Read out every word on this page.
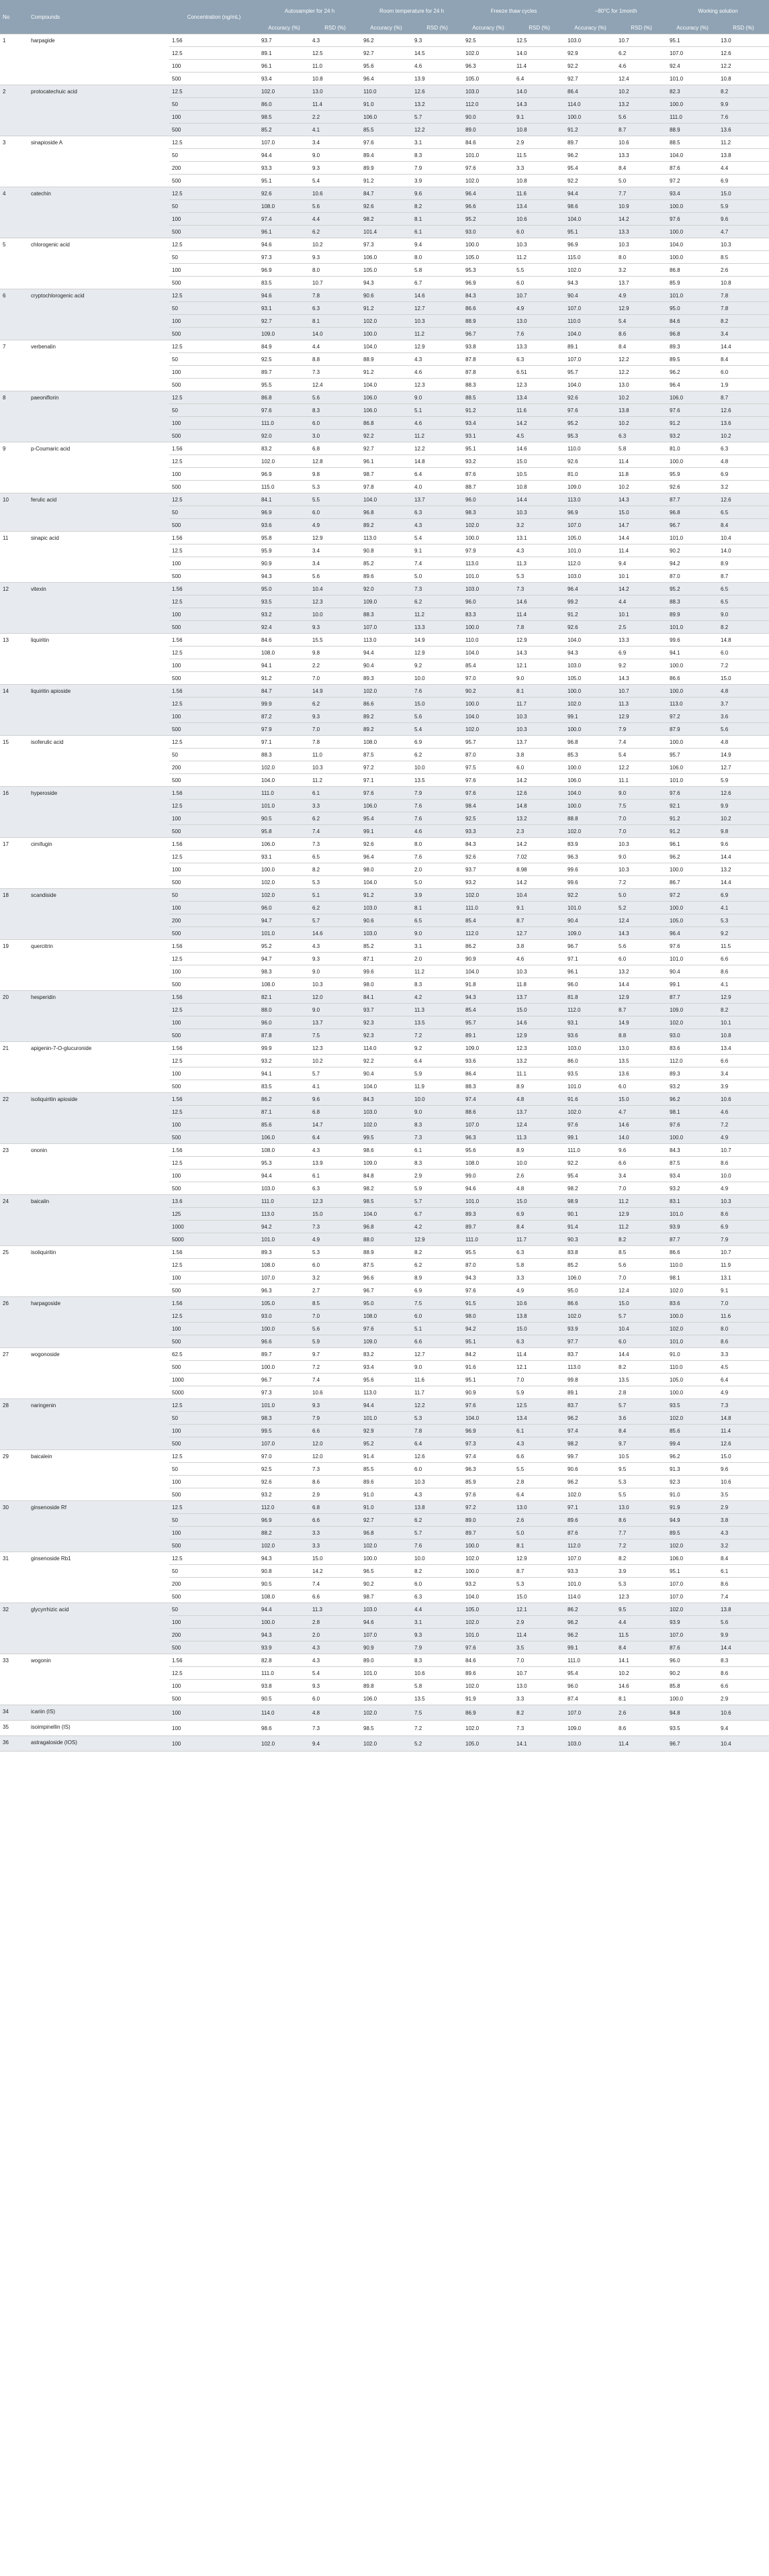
No	Compounds	Concentration (ng/mL)	Autosampler for 24 h		Room temperature for 24 h		Freeze thaw cycles		−80°C for 1month		Working solution	
			Accuracy (%)	RSD (%)	Accuracy (%)	RSD (%)	Accuracy (%)	RSD (%)	Accuracy (%)	RSD (%)	Accuracy (%)	RSD (%)
1	harpagide	1.56	93.7	4.3	96.2	9.3	92.5	12.5	103.0	10.7	95.1	13.0
		12.5	89.1	12.5	92.7	14.5	102.0	14.0	92.9	6.2	107.0	12.6
		100	96.1	11.0	95.6	4.6	96.3	11.4	92.2	4.6	92.4	12.2
		500	93.4	10.8	96.4	13.9	105.0	6.4	92.7	12.4	101.0	10.8
2	protocatechuic acid	12.5	102.0	13.0	110.0	12.6	103.0	14.0	86.4	10.2	82.3	8.2
		50	86.0	11.4	91.0	13.2	112.0	14.3	114.0	13.2	100.0	9.9
		100	98.5	2.2	106.0	5.7	90.0	9.1	100.0	5.6	111.0	7.6
		500	85.2	4.1	85.5	12.2	89.0	10.8	91.2	8.7	88.9	13.6
3	sinapioside A	12.5	107.0	3.4	97.6	3.1	84.6	2.9	89.7	10.6	88.5	11.2
		50	94.4	9.0	89.4	8.3	101.0	11.5	96.2	13.3	104.0	13.8
		200	93.3	9.3	89.9	7.9	97.6	3.3	95.4	8.4	87.6	4.4
		500	95.1	5.4	91.2	3.9	102.0	10.8	92.2	5.0	97.2	6.9
4	catechin	12.5	92.6	10.6	84.7	9.6	96.4	11.6	94.4	7.7	93.4	15.0
		50	108.0	5.6	92.6	8.2	96.6	13.4	98.6	10.9	100.0	5.9
		100	97.4	4.4	98.2	8.1	95.2	10.6	104.0	14.2	97.6	9.6
		500	96.1	6.2	101.4	6.1	93.0	6.0	95.1	13.3	100.0	4.7
5	chlorogenic acid	12.5	94.6	10.2	97.3	9.4	100.0	10.3	96.9	10.3	104.0	10.3
		50	97.3	9.3	106.0	8.0	105.0	11.2	115.0	8.0	100.0	8.5
		100	96.9	8.0	105.0	5.8	95.3	5.5	102.0	3.2	86.8	2.6
		500	83.5	10.7	94.3	6.7	96.9	6.0	94.3	13.7	85.9	10.8
6	cryptochlorogenic acid	12.5	94.6	7.8	90.6	14.6	84.3	10.7	90.4	4.9	101.0	7.8
		50	93.1	6.3	91.2	12.7	86.6	4.9	107.0	12.9	95.0	7.8
		100	92.7	8.1	102.0	10.3	88.9	13.0	110.0	5.4	84.6	8.2
		500	109.0	14.0	100.0	11.2	96.7	7.6	104.0	8.6	96.8	3.4
7	verbenalin	12.5	84.9	4.4	104.0	12.9	93.8	13.3	89.1	8.4	89.3	14.4
		50	92.5	8.8	88.9	4.3	87.8	6.3	107.0	12.2	89.5	8.4
		100	89.7	7.3	91.2	4.6	87.8	6.51	95.7	12.2	96.2	6.0
		500	95.5	12.4	104.0	12.3	88.3	12.3	104.0	13.0	96.4	1.9
8	paeoniflorin	12.5	86.8	5.6	106.0	9.0	88.5	13.4	92.6	10.2	106.0	8.7
		50	97.6	8.3	106.0	5.1	91.2	11.6	97.6	13.8	97.6	12.6
		100	111.0	6.0	86.8	4.6	93.4	14.2	95.2	10.2	91.2	13.6
		500	92.0	3.0	92.2	11.2	93.1	4.5	95.3	6.3	93.2	10.2
9	p-Coumaric acid	1.56	83.2	6.8	92.7	12.2	95.1	14.6	110.0	5.8	81.0	6.3
		12.5	102.0	12.8	96.1	14.8	93.2	15.0	92.6	11.4	100.0	4.8
		100	96.9	9.8	98.7	6.4	87.6	10.5	81.0	11.8	95.9	6.9
		500	115.0	5.3	97.8	4.0	88.7	10.8	109.0	10.2	92.6	3.2
10	ferulic acid	12.5	84.1	5.5	104.0	13.7	96.0	14.4	113.0	14.3	87.7	12.6
		50	96.9	6.0	96.8	6.3	98.3	10.3	96.9	15.0	96.8	6.5
		500	93.6	4.9	89.2	4.3	102.0	3.2	107.0	14.7	96.7	8.4
11	sinapic acid	1.56	95.8	12.9	113.0	5.4	100.0	13.1	105.0	14.4	101.0	10.4
		12.5	95.9	3.4	90.8	9.1	97.9	4.3	101.0	11.4	90.2	14.0
		100	90.9	3.4	85.2	7.4	113.0	11.3	112.0	9.4	94.2	8.9
		500	94.3	5.6	89.6	5.0	101.0	5.3	103.0	10.1	87.0	8.7
12	vitexin	1.56	95.0	10.4	92.0	7.3	103.0	7.3	96.4	14.2	95.2	6.5
		12.5	93.5	12.3	109.0	6.2	96.0	14.6	99.2	4.4	88.3	6.5
		100	93.2	10.0	88.3	11.2	83.3	11.4	91.2	10.1	89.9	9.0
		500	92.4	9.3	107.0	13.3	100.0	7.8	92.6	2.5	101.0	8.2
13	liquiritin	1.56	84.6	15.5	113.0	14.9	110.0	12.9	104.0	13.3	99.6	14.8
		12.5	108.0	9.8	94.4	12.9	104.0	14.3	94.3	6.9	94.1	6.0
		100	94.1	2.2	90.4	9.2	85.4	12.1	103.0	9.2	100.0	7.2
		500	91.2	7.0	89.3	10.0	97.0	9.0	105.0	14.3	86.6	15.0
14	liquiritin apioside	1.56	84.7	14.9	102.0	7.6	90.2	8.1	100.0	10.7	100.0	4.8
		12.5	99.9	6.2	86.6	15.0	100.0	11.7	102.0	11.3	113.0	3.7
		100	87.2	9.3	89.2	5.6	104.0	10.3	99.1	12.9	97.2	3.6
		500	97.9	7.0	89.2	5.4	102.0	10.3	100.0	7.9	87.9	5.6
15	isoferulic acid	12.5	97.1	7.8	108.0	6.9	95.7	13.7	96.8	7.4	100.0	4.8
		50	88.3	11.0	87.5	6.2	87.0	3.8	85.3	5.4	95.7	14.9
		200	102.0	10.3	97.2	10.0	97.5	6.0	100.0	12.2	106.0	12.7
		500	104.0	11.2	97.1	13.5	97.6	14.2	106.0	11.1	101.0	5.9
16	hyperoside	1.56	111.0	6.1	97.6	7.9	97.6	12.6	104.0	9.0	97.6	12.6
		12.5	101.0	3.3	106.0	7.6	98.4	14.8	100.0	7.5	92.1	9.9
		100	90.5	6.2	95.4	7.6	92.5	13.2	88.8	7.0	91.2	10.2
		500	95.8	7.4	99.1	4.6	93.3	2.3	102.0	7.0	91.2	9.8
17	cimifugin	1.56	106.0	7.3	92.6	8.0	84.3	14.2	83.9	10.3	96.1	9.6
		12.5	93.1	6.5	96.4	7.6	92.6	7.02	96.3	9.0	96.2	14.4
		100	100.0	8.2	98.0	2.0	93.7	8.98	99.6	10.3	100.0	13.2
		500	102.0	5.3	104.0	5.0	93.2	14.2	99.6	7.2	86.7	14.4
18	scandiside	50	102.0	5.1	91.2	3.9	102.0	10.4	92.2	5.0	97.2	6.9
		100	96.0	6.2	103.0	8.1	111.0	9.1	101.0	5.2	100.0	4.1
		200	94.7	5.7	90.6	6.5	85.4	8.7	90.4	12.4	105.0	5.3
		500	101.0	14.6	103.0	9.0	112.0	12.7	109.0	14.3	96.4	9.2
19	quercitrin	1.56	95.2	4.3	85.2	3.1	86.2	3.8	96.7	5.6	97.6	11.5
		12.5	94.7	9.3	87.1	2.0	90.9	4.6	97.1	6.0	101.0	6.6
		100	98.3	9.0	99.6	11.2	104.0	10.3	96.1	13.2	90.4	8.6
		500	108.0	10.3	98.0	8.3	91.8	11.8	96.0	14.4	99.1	4.1
20	hesperidin	1.56	82.1	12.0	84.1	4.2	94.3	13.7	81.8	12.9	87.7	12.9
		12.5	88.0	9.0	93.7	11.3	85.4	15.0	112.0	8.7	109.0	8.2
		100	96.0	13.7	92.3	13.5	95.7	14.6	93.1	14.9	102.0	10.1
		500	87.8	7.5	92.3	7.2	89.1	12.9	93.6	8.8	93.0	10.8
21	apigenin-7-O-glucuronide	1.56	99.9	12.3	114.0	9.2	109.0	12.3	103.0	13.0	83.6	13.4
		12.5	93.2	10.2	92.2	6.4	93.6	13.2	86.0	13.5	112.0	6.6
		100	94.1	5.7	90.4	5.9	86.4	11.1	93.5	13.6	89.3	3.4
		500	83.5	4.1	104.0	11.9	88.3	8.9	101.0	6.0	93.2	3.9
22	isoliquiritin apioside	1.56	86.2	9.6	84.3	10.0	97.4	4.8	91.6	15.0	96.2	10.6
		12.5	87.1	6.8	103.0	9.0	88.6	13.7	102.0	4.7	98.1	4.6
		100	85.6	14.7	102.0	8.3	107.0	12.4	97.6	14.6	97.6	7.2
		500	106.0	6.4	99.5	7.3	96.3	11.3	99.1	14.0	100.0	4.9
23	ononin	1.56	108.0	4.3	98.6	6.1	95.6	8.9	111.0	9.6	84.3	10.7
		12.5	95.3	13.9	109.0	8.3	108.0	10.0	92.2	6.6	87.5	8.6
		100	94.4	6.1	84.8	2.9	99.0	2.6	95.4	3.4	93.4	10.0
		500	103.0	6.3	98.2	5.9	94.6	4.8	98.2	7.0	93.2	4.9
24	baicalin	13.6	111.0	12.3	98.5	5.7	101.0	15.0	98.9	11.2	83.1	10.3
		125	113.0	15.0	104.0	6.7	89.3	6.9	90.1	12.9	101.0	8.6
		1000	94.2	7.3	96.8	4.2	89.7	8.4	91.4	11.2	93.9	6.9
		5000	101.0	4.9	88.0	12.9	111.0	11.7	90.3	8.2	87.7	7.9
25	isoliquiritin	1.56	89.3	5.3	88.9	8.2	95.5	6.3	83.8	8.5	86.6	10.7
		12.5	108.0	6.0	87.5	6.2	87.0	5.8	85.2	5.6	110.0	11.9
		100	107.0	3.2	96.6	8.9	94.3	3.3	106.0	7.0	98.1	13.1
		500	96.3	2.7	96.7	6.9	97.6	4.9	95.0	12.4	102.0	9.1
26	harpagoside	1.56	105.0	8.5	95.0	7.5	91.5	10.6	86.6	15.0	83.6	7.0
		12.5	93.0	7.0	108.0	6.0	98.0	13.8	102.0	5.7	100.0	11.6
		100	100.0	5.6	97.6	5.1	94.2	15.0	93.9	10.4	102.0	8.0
		500	96.6	5.9	109.0	6.6	95.1	6.3	97.7	6.0	101.0	8.6
27	wogonoside	62.5	89.7	9.7	83.2	12.7	84.2	11.4	83.7	14.4	91.0	3.3
		500	100.0	7.2	93.4	9.0	91.6	12.1	113.0	8.2	110.0	4.5
		1000	96.7	7.4	95.6	11.6	95.1	7.0	99.8	13.5	105.0	6.4
		5000	97.3	10.6	113.0	11.7	90.9	5.9	89.1	2.8	100.0	4.9
28	naringenin	12.5	101.0	9.3	94.4	12.2	97.6	12.5	83.7	5.7	93.5	7.3
		50	98.3	7.9	101.0	5.3	104.0	13.4	96.2	3.6	102.0	14.8
		100	99.5	6.6	92.9	7.8	96.9	6.1	97.4	8.4	85.6	11.4
		500	107.0	12.0	95.2	6.4	97.3	4.3	98.2	9.7	99.4	12.6
29	baicalein	12.5	97.0	12.0	91.4	12.6	97.4	6.6	99.7	10.5	96.2	15.0
		50	92.5	7.3	85.5	6.0	96.3	5.5	90.6	9.5	91.3	9.6
		100	92.6	8.6	89.6	10.3	85.9	2.8	96.2	5.3	92.3	10.6
		500	93.2	2.9	91.0	4.3	97.6	6.4	102.0	5.5	91.0	3.5
30	ginsenoside Rf	12.5	112.0	6.8	91.0	13.8	97.2	13.0	97.1	13.0	91.9	2.9
		50	96.9	6.6	92.7	6.2	89.0	2.6	89.6	8.6	94.9	3.8
		100	88.2	3.3	96.8	5.7	89.7	5.0	87.6	7.7	89.5	4.3
		500	102.0	3.3	102.0	7.6	100.0	8.1	112.0	7.2	102.0	3.2
31	ginsenoside Rb1	12.5	94.3	15.0	100.0	10.0	102.0	12.9	107.0	8.2	106.0	8.4
		50	90.8	14.2	96.5	8.2	100.0	8.7	93.3	3.9	95.1	6.1
		200	90.5	7.4	90.2	6.0	93.2	5.3	101.0	5.3	107.0	8.6
		500	108.0	6.6	98.7	6.3	104.0	15.0	114.0	12.3	107.0	7.4
32	glycyrrhizic acid	50	94.4	11.3	103.0	4.4	105.0	12.1	86.2	9.5	102.0	13.8
		100	100.0	2.8	94.6	3.1	102.0	2.9	96.2	4.4	93.9	5.6
		200	94.3	2.0	107.0	9.3	101.0	11.4	96.2	11.5	107.0	9.9
		500	93.9	4.3	90.9	7.9	97.6	3.5	99.1	8.4	87.6	14.4
33	wogonin	1.56	82.8	4.3	89.0	8.3	84.6	7.0	111.0	14.1	96.0	8.3
		12.5	111.0	5.4	101.0	10.6	89.6	10.7	95.4	10.2	90.2	8.6
		100	93.8	9.3	89.8	5.8	102.0	13.0	96.0	14.6	85.8	6.6
		500	90.5	6.0	106.0	13.5	91.9	3.3	87.4	8.1	100.0	2.9
34	icariin (IS)	100	114.0	4.8	102.0	7.5	86.9	8.2	107.0	2.6	94.8	10.6
35	isoimpinellin (IS)	100	98.6	7.3	98.5	7.2	102.0	7.3	109.0	8.6	93.5	9.4
36	astragaloside (IOS)	100	102.0	9.4	102.0	5.2	105.0	14.1	103.0	11.4	96.7	10.4
